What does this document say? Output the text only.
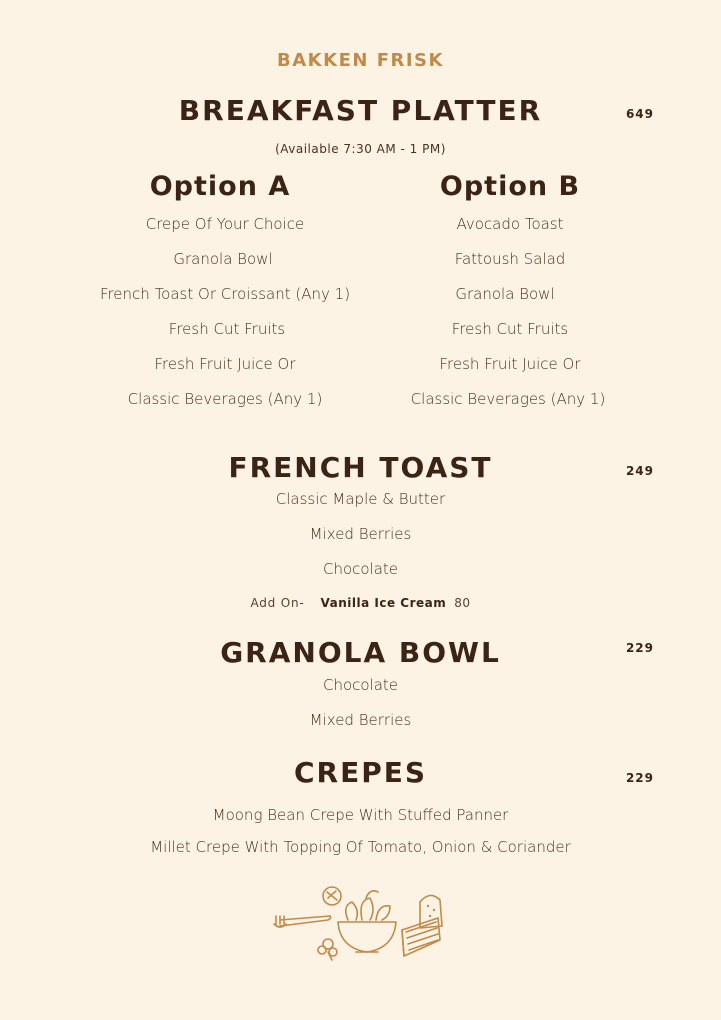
BAKKEN FRISK
BREAKFAST PLATTER	649
(Available 7:30 AM - 1 PM)
Option A	Option B
Crepe Of Your Choice
Granola Bowl
French Toast Or Croissant (Any 1)
Fresh Cut Fruits
Fresh Fruit Juice Or
Classic Beverages (Any 1)
Avocado Toast
Fattoush Salad
Granola Bowl
Fresh Cut Fruits
Fresh Fruit Juice Or
Classic Beverages (Any 1)
FRENCH TOAST	249
Classic Maple & Butter
Mixed Berries
Chocolate
Add On- Vanilla Ice Cream 80
GRANOLA BOWL	229
Chocolate
Mixed Berries
CREPES	229
Moong Bean Crepe With Stuffed Panner
Millet Crepe With Topping Of Tomato, Onion & Coriander
